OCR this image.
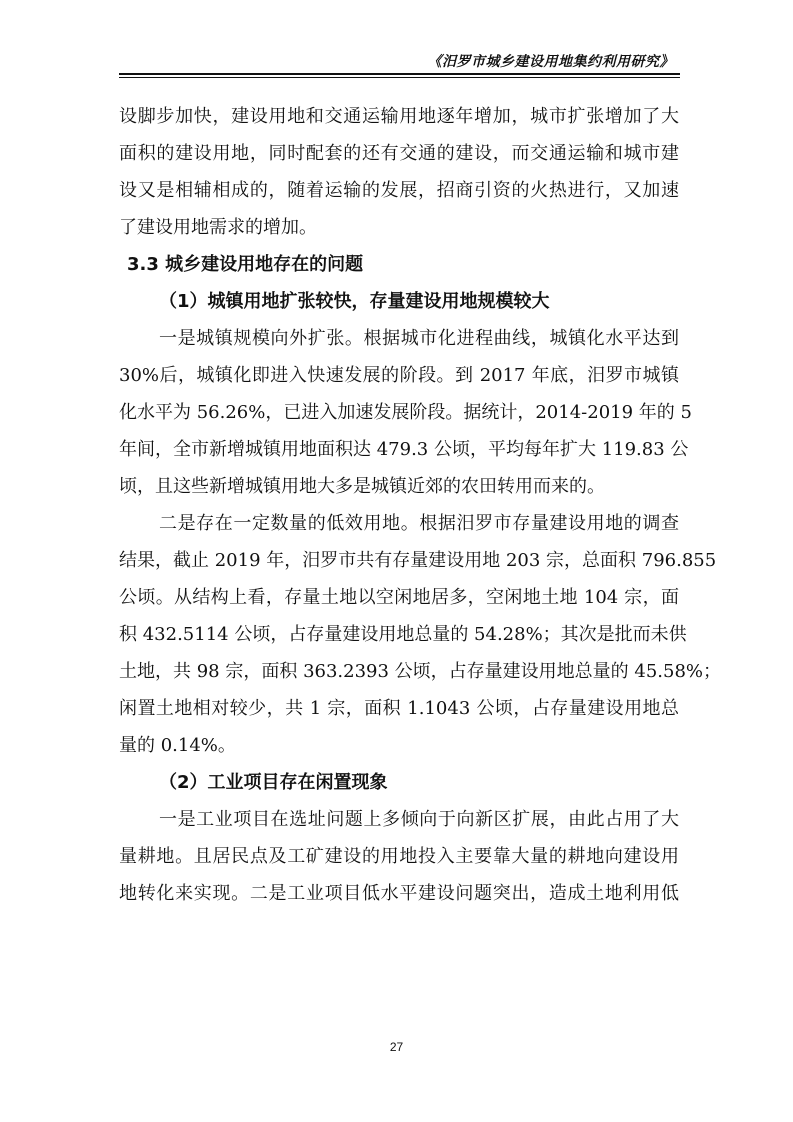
《汨罗市城乡建设用地集约利用研究》
设脚步加快，建设用地和交通运输用地逐年增加，城市扩张增加了大
面积的建设用地，同时配套的还有交通的建设，而交通运输和城市建
设又是相辅相成的，随着运输的发展，招商引资的火热进行，又加速
了建设用地需求的增加。
3.3 城乡建设用地存在的问题
（1）城镇用地扩张较快，存量建设用地规模较大
一是城镇规模向外扩张。根据城市化进程曲线，城镇化水平达到
30%后，城镇化即进入快速发展的阶段。到 2017 年底，汨罗市城镇
化水平为 56.26%，已进入加速发展阶段。据统计，2014-2019 年的 5
年间，全市新增城镇用地面积达 479.3 公顷，平均每年扩大 119.83 公
顷，且这些新增城镇用地大多是城镇近郊的农田转用而来的。
二是存在一定数量的低效用地。根据汨罗市存量建设用地的调查
结果，截止 2019 年，汨罗市共有存量建设用地 203 宗，总面积 796.855
公顷。从结构上看，存量土地以空闲地居多，空闲地土地 104 宗，面
积 432.5114 公顷，占存量建设用地总量的 54.28%；其次是批而未供
土地，共 98 宗，面积 363.2393 公顷，占存量建设用地总量的 45.58%；
闲置土地相对较少，共 1 宗，面积 1.1043 公顷，占存量建设用地总
量的 0.14%。
（2）工业项目存在闲置现象
一是工业项目在选址问题上多倾向于向新区扩展，由此占用了大
量耕地。且居民点及工矿建设的用地投入主要靠大量的耕地向建设用
地转化来实现。二是工业项目低水平建设问题突出，造成土地利用低
27
